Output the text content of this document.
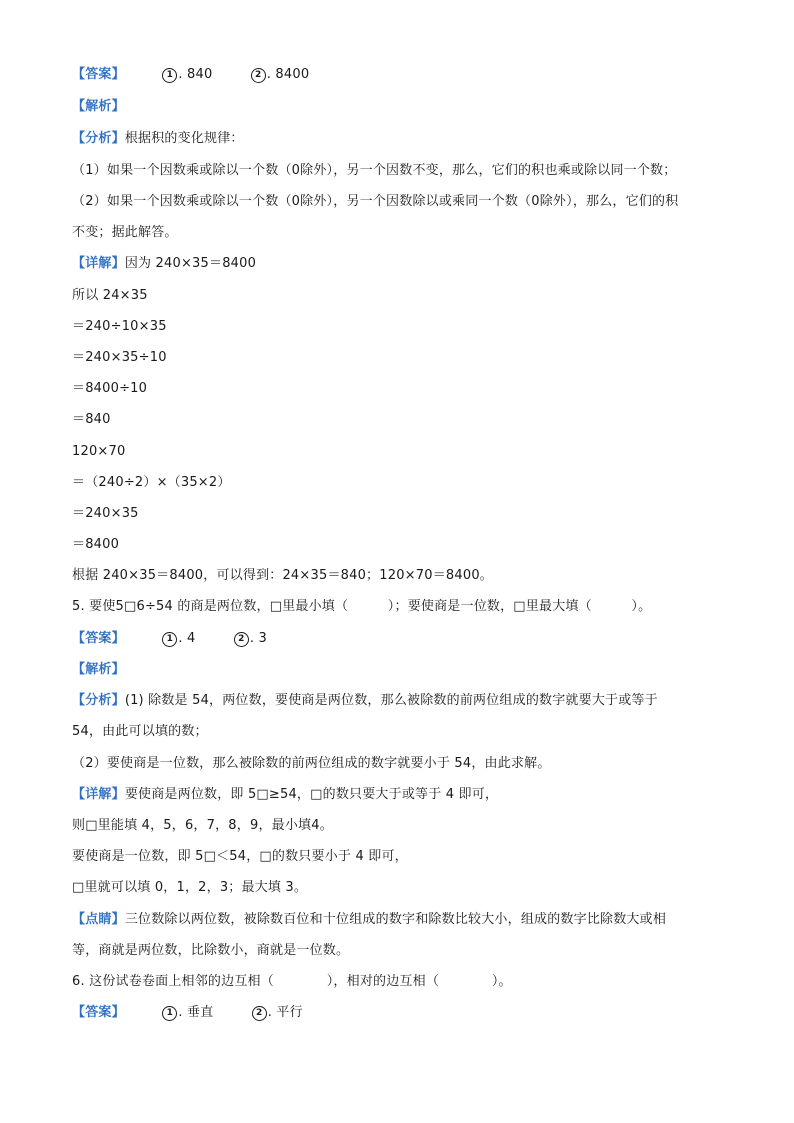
【答案】	1 . 840	2 . 8400
【解析】
【分析】根据积的变化规律：
（1）如果一个因数乘或除以一个数（0除外），另一个因数不变，那么，它们的积也乘或除以同一个数；
（2）如果一个因数乘或除以一个数（0除外），另一个因数除以或乘同一个数（0除外），那么，它们的积
不变；据此解答。
【详解】因为 240×35＝8400
所以 24×35
＝240÷10×35
＝240×35÷10
＝8400÷10
＝840
120×70
＝（240÷2）×（35×2）
＝240×35
＝8400
根据 240×35＝8400，可以得到：24×35＝840；120×70＝8400。
5. 要使5□6÷54 的商是两位数，□里最小填（　　　）；要使商是一位数，□里最大填（　　　）。
【答案】	1 . 4	2 . 3
【解析】
【分析】(1) 除数是 54，两位数，要使商是两位数，那么被除数的前两位组成的数字就要大于或等于
54，由此可以填的数；
（2）要使商是一位数，那么被除数的前两位组成的数字就要小于 54，由此求解。
【详解】要使商是两位数，即 5□≥54，□的数只要大于或等于 4 即可，
则□里能填 4，5，6，7，8，9，最小填4。
要使商是一位数，即 5□＜54，□的数只要小于 4 即可，
□里就可以填 0，1，2，3；最大填 3。
【点睛】三位数除以两位数，被除数百位和十位组成的数字和除数比较大小，组成的数字比除数大或相
等，商就是两位数，比除数小，商就是一位数。
6. 这份试卷卷面上相邻的边互相（　　　　），相对的边互相（　　　　）。
【答案】	1 . 垂直	2 . 平行
